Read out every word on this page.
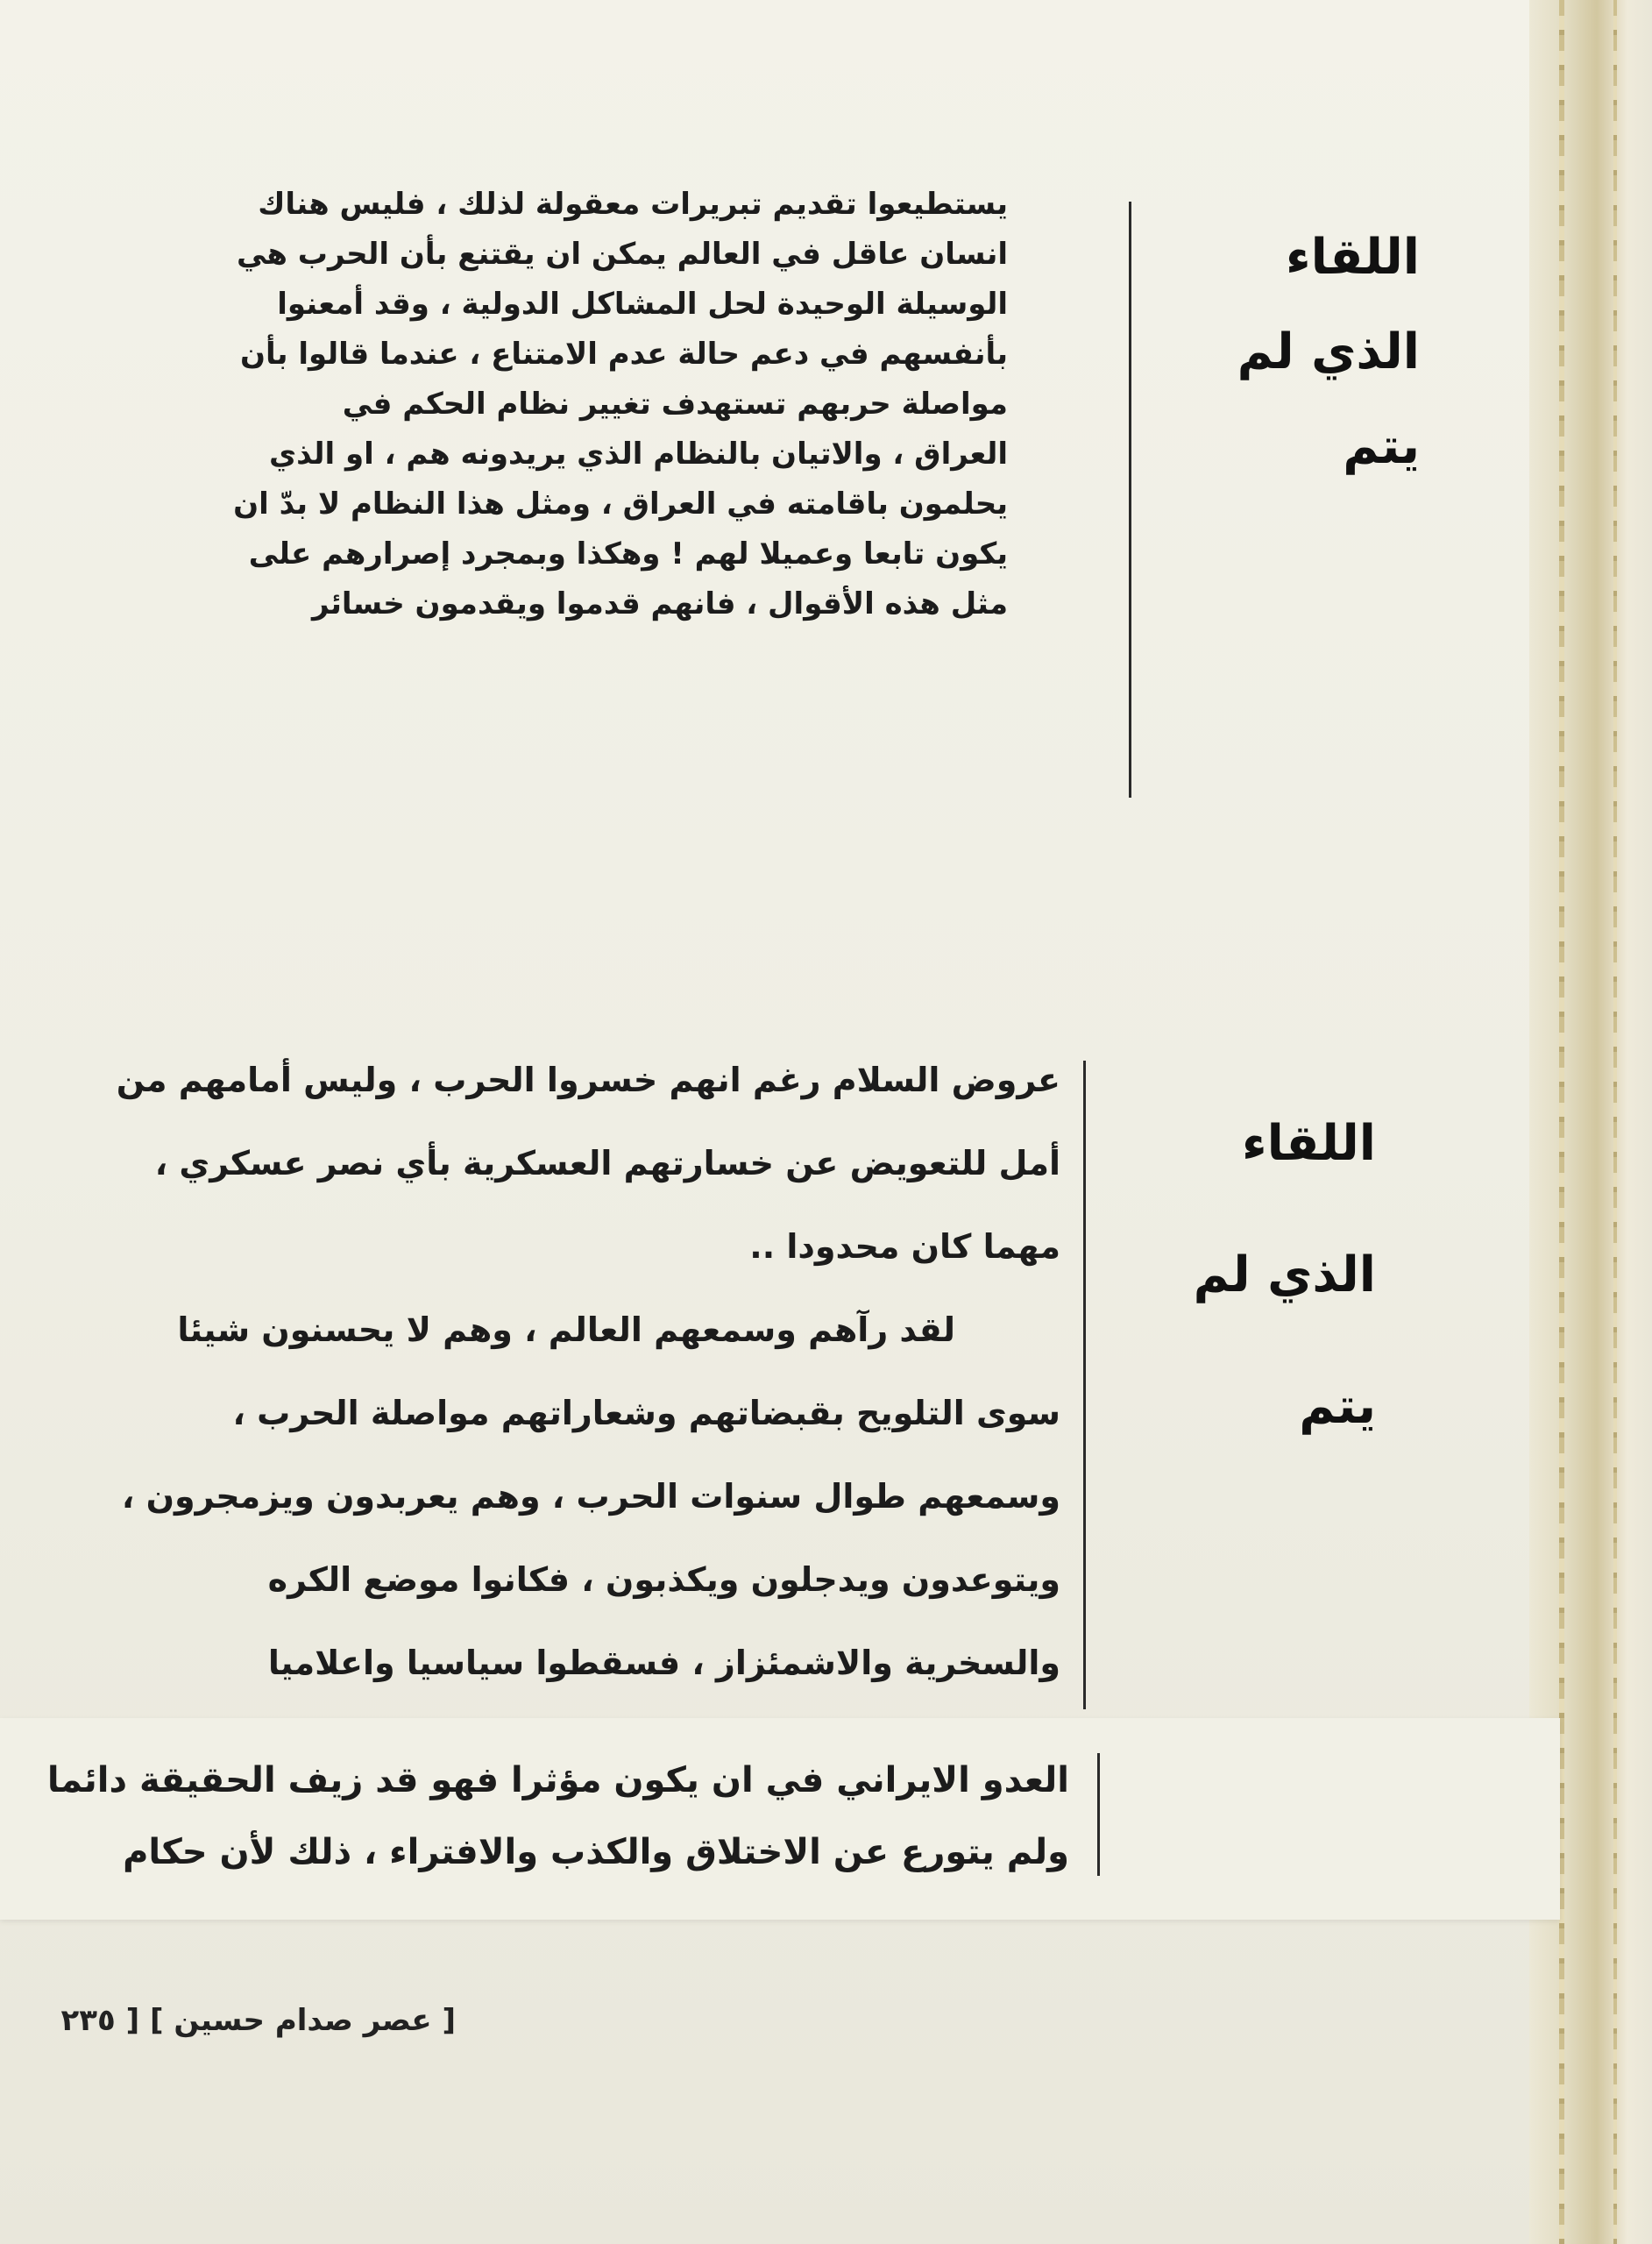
اللقاء
الذي لم يتم

يستطيعوا تقديم تبريرات معقولة لذلك ، فليس هناك

انسان عاقل في العالم يمكن ان يقتنع بأن الحرب هي

الوسيلة الوحيدة لحل المشاكل الدولية ، وقد أمعنوا

بأنفسهم في دعم حالة عدم الامتناع ، عندما قالوا بأن

مواصلة حربهم تستهدف تغيير نظام الحكم في

العراق ، والاتيان بالنظام الذي يريدونه هم ، او الذي

يحلمون باقامته في العراق ، ومثل هذا النظام لا بدّ ان

يكون تابعا وعميلا لهم ! وهكذا وبمجرد إصرارهم على

مثل هذه الأقوال ، فانهم قدموا ويقدمون خسائر

اللقاء
الذي لم يتم

عروض السلام رغم انهم خسروا الحرب ، وليس أمامهم من

أمل للتعويض عن خسارتهم العسكرية بأي نصر عسكري ،

مهما كان محدودا ..

لقد رآهم وسمعهم العالم ، وهم لا يحسنون شيئا

سوى التلويح بقبضاتهم وشعاراتهم مواصلة الحرب ،

وسمعهم طوال سنوات الحرب ، وهم يعربدون ويزمجرون ،

ويتوعدون ويدجلون ويكذبون ، فكانوا موضع الكره

والسخرية والاشمئزاز ، فسقطوا سياسيا واعلاميا

العدو الايراني في ان يكون مؤثرا فهو قد زيف الحقيقة دائما

ولم يتورع عن الاختلاق والكذب والافتراء ، ذلك لأن حكام

[ عصر صدام حسين ] [ ٢٣٥
